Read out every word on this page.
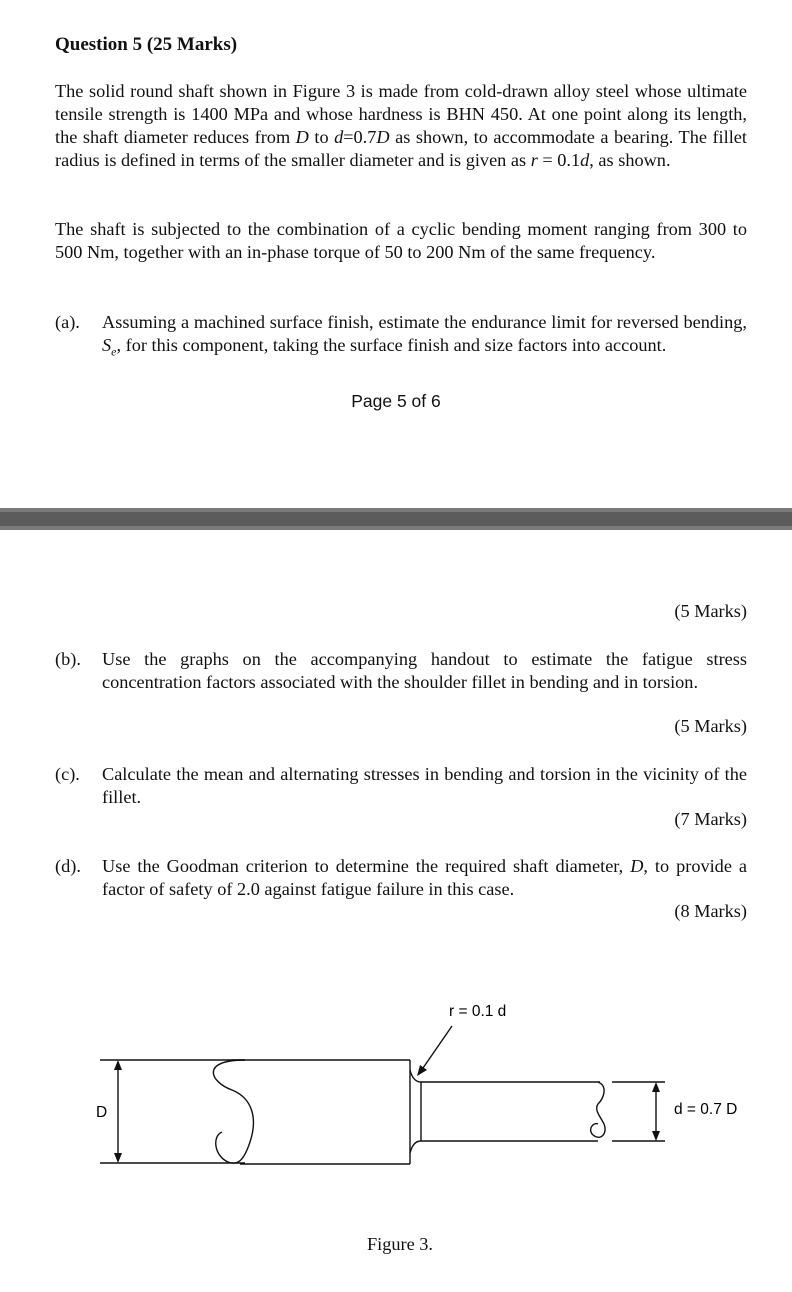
Question 5 (25 Marks)
The solid round shaft shown in Figure 3 is made from cold-drawn alloy steel whose ultimate tensile strength is 1400 MPa and whose hardness is BHN 450. At one point along its length, the shaft diameter reduces from D to d=0.7D as shown, to accommodate a bearing. The fillet radius is defined in terms of the smaller diameter and is given as r = 0.1d, as shown.
The shaft is subjected to the combination of a cyclic bending moment ranging from 300 to 500 Nm, together with an in-phase torque of 50 to 200 Nm of the same frequency.
(a). Assuming a machined surface finish, estimate the endurance limit for reversed bending, $S_e$, for this component, taking the surface finish and size factors into account.
Page 5 of 6
(5 Marks)
(b). Use the graphs on the accompanying handout to estimate the fatigue stress concentration factors associated with the shoulder fillet in bending and in torsion.
(5 Marks)
(c). Calculate the mean and alternating stresses in bending and torsion in the vicinity of the fillet.
(7 Marks)
(d). Use the Goodman criterion to determine the required shaft diameter, D, to provide a factor of safety of 2.0 against fatigue failure in this case.
(8 Marks)
D	d = 0.7 D
r = 0.1 d
Figure 3.
